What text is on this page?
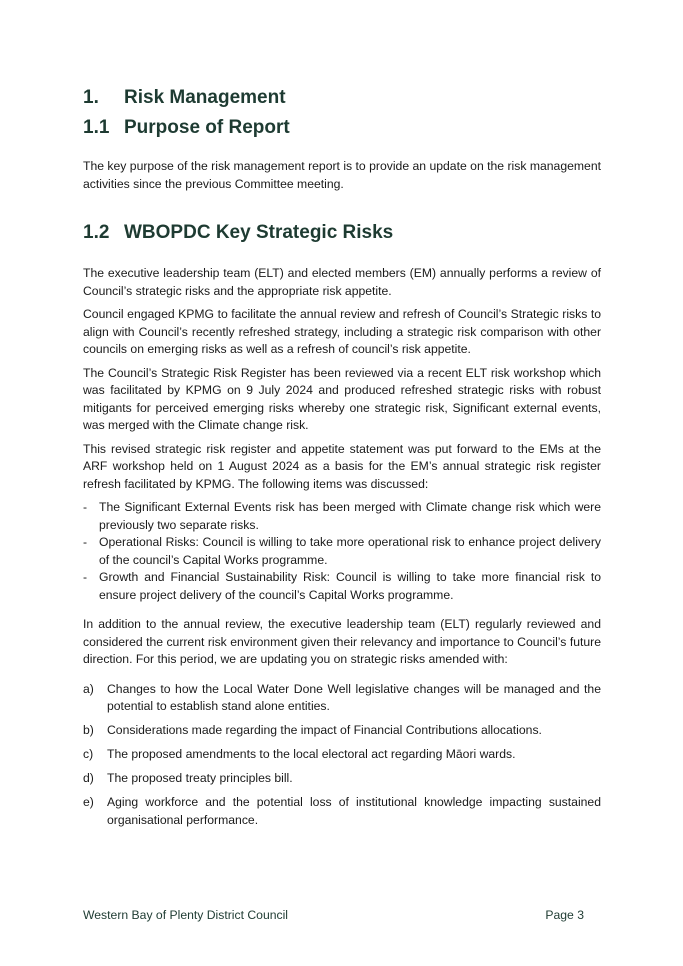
1.	Risk Management
1.1 Purpose of Report

The key purpose of the risk management report is to provide an update on the risk management activities since the previous Committee meeting.

1.2 WBOPDC Key Strategic Risks

The executive leadership team (ELT) and elected members (EM) annually performs a review of Council’s strategic risks and the appropriate risk appetite.

Council engaged KPMG to facilitate the annual review and refresh of Council’s Strategic risks to align with Council’s recently refreshed strategy, including a strategic risk comparison with other councils on emerging risks as well as a refresh of council’s risk appetite.

The Council’s Strategic Risk Register has been reviewed via a recent ELT risk workshop which was facilitated by KPMG on 9 July 2024 and produced refreshed strategic risks with robust mitigants for perceived emerging risks whereby one strategic risk, Significant external events, was merged with the Climate change risk.

This revised strategic risk register and appetite statement was put forward to the EMs at the ARF workshop held on 1 August 2024 as a basis for the EM’s annual strategic risk register refresh facilitated by KPMG. The following items was discussed:

- The Significant External Events risk has been merged with Climate change risk which were previously two separate risks.
- Operational Risks: Council is willing to take more operational risk to enhance project delivery of the council’s Capital Works programme.
- Growth and Financial Sustainability Risk: Council is willing to take more financial risk to ensure project delivery of the council’s Capital Works programme.

In addition to the annual review, the executive leadership team (ELT) regularly reviewed and considered the current risk environment given their relevancy and importance to Council’s future direction. For this period, we are updating you on strategic risks amended with:

a)	Changes to how the Local Water Done Well legislative changes will be managed and the potential to establish stand alone entities.
b)	Considerations made regarding the impact of Financial Contributions allocations.
c)	The proposed amendments to the local electoral act regarding Māori wards.
d)	The proposed treaty principles bill.
e)	Aging workforce and the potential loss of institutional knowledge impacting sustained organisational performance.
Western Bay of Plenty District Council	Page 3
